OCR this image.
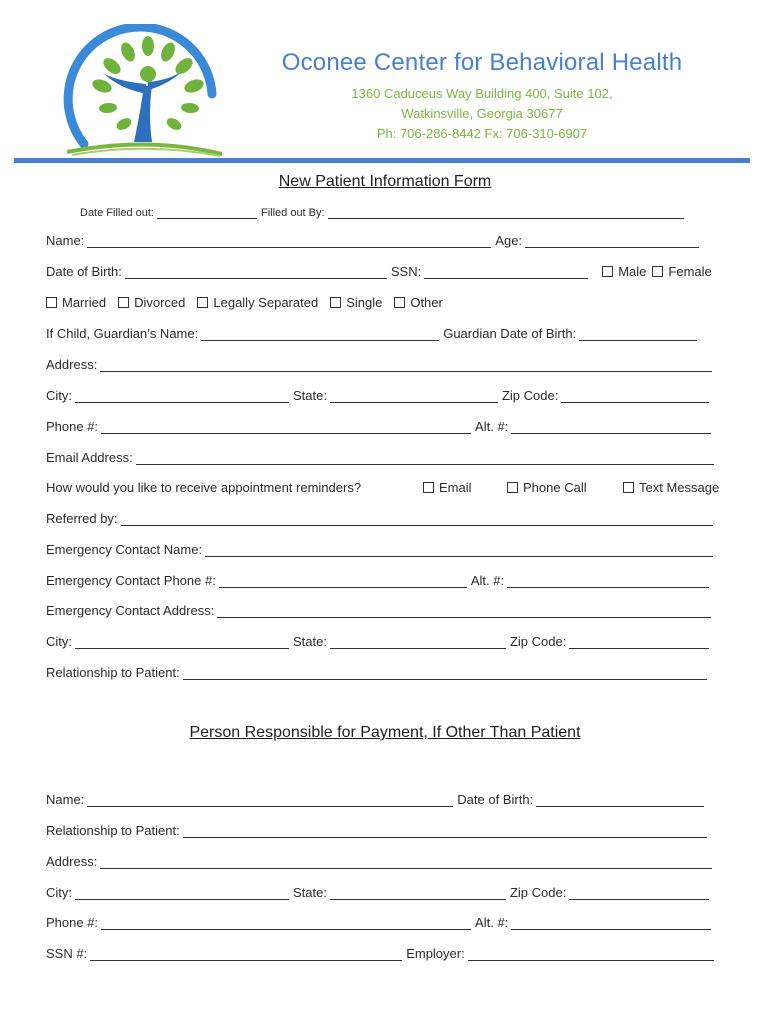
Oconee Center for Behavioral Health
1360 Caduceus Way Building 400, Suite 102,
Watkinsville, Georgia 30677
Ph: 706-286-8442 Fx: 706-310-6907
New Patient Information Form
Date Filled out:	Filled out By:
Name:	Age:
Date of Birth:	SSN:	Male Female
Married Divorced Legally Separated Single Other
If Child, Guardian’s Name:	Guardian Date of Birth:
Address:
City:	State:	Zip Code:
Phone #:	Alt. #:
Email Address:
How would you like to receive appointment reminders?	Email	Phone Call	Text Message
Referred by:
Emergency Contact Name:
Emergency Contact Phone #:	Alt. #:
Emergency Contact Address:
City:	State:	Zip Code:
Relationship to Patient:
Person Responsible for Payment, If Other Than Patient
Name:	Date of Birth:
Relationship to Patient:
Address:
City:	State:	Zip Code:
Phone #:	Alt. #:
SSN #:	Employer:
